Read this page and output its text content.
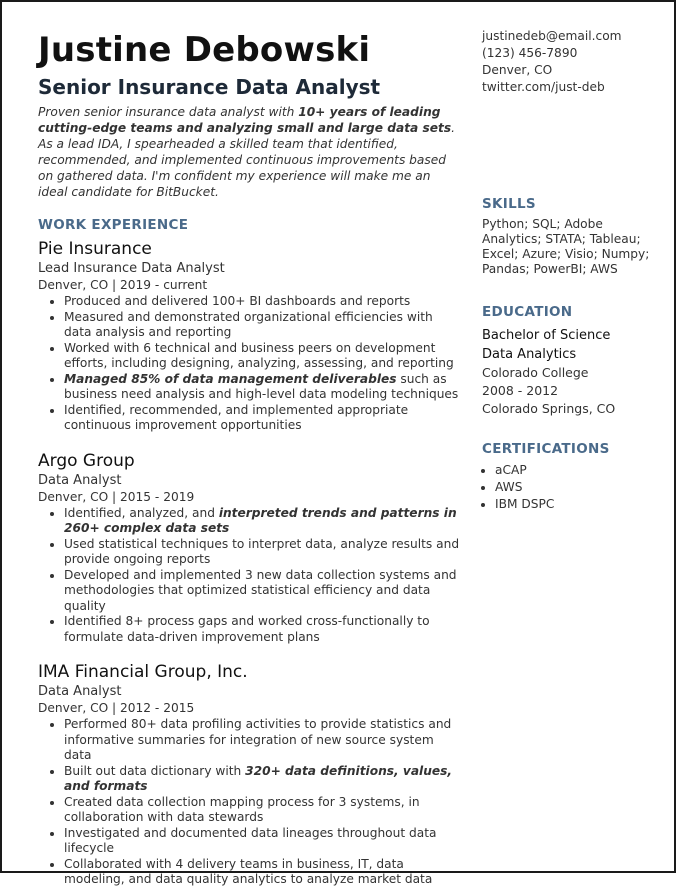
Justine Debowski
Senior Insurance Data Analyst

Proven senior insurance data analyst with 10+ years of leading cutting-edge teams and analyzing small and large data sets. As a lead IDA, I spearheaded a skilled team that identified, recommended, and implemented continuous improvements based on gathered data. I'm confident my experience will make me an ideal candidate for BitBucket.

WORK EXPERIENCE

Pie Insurance

Lead Insurance Data Analyst

Denver, CO | 2019 - current

• Produced and delivered 100+ BI dashboards and reports
• Measured and demonstrated organizational efficiencies with data analysis and reporting
• Worked with 6 technical and business peers on development efforts, including designing, analyzing, assessing, and reporting
• Managed 85% of data management deliverables such as business need analysis and high-level data modeling techniques
• Identified, recommended, and implemented appropriate continuous improvement opportunities

Argo Group

Data Analyst

Denver, CO | 2015 - 2019

• Identified, analyzed, and interpreted trends and patterns in 260+ complex data sets
• Used statistical techniques to interpret data, analyze results and provide ongoing reports
• Developed and implemented 3 new data collection systems and methodologies that optimized statistical efficiency and data quality
• Identified 8+ process gaps and worked cross-functionally to formulate data-driven improvement plans

IMA Financial Group, Inc.

Data Analyst

Denver, CO | 2012 - 2015

• Performed 80+ data profiling activities to provide statistics and informative summaries for integration of new source system data
• Built out data dictionary with 320+ data definitions, values, and formats
• Created data collection mapping process for 3 systems, in collaboration with data stewards
• Investigated and documented data lineages throughout data lifecycle
• Collaborated with 4 delivery teams in business, IT, data modeling, and data quality analytics to analyze market data
justinedeb@email.com
(123) 456-7890
Denver, CO
twitter.com/just-deb
SKILLS

Python; SQL; Adobe Analytics; STATA; Tableau; Excel; Azure; Visio; Numpy; Pandas; PowerBI; AWS

EDUCATION
Bachelor of Science
Data Analytics
Colorado College
2008 - 2012
Colorado Springs, CO
CERTIFICATIONS
• aCAP
• AWS
• IBM DSPC
